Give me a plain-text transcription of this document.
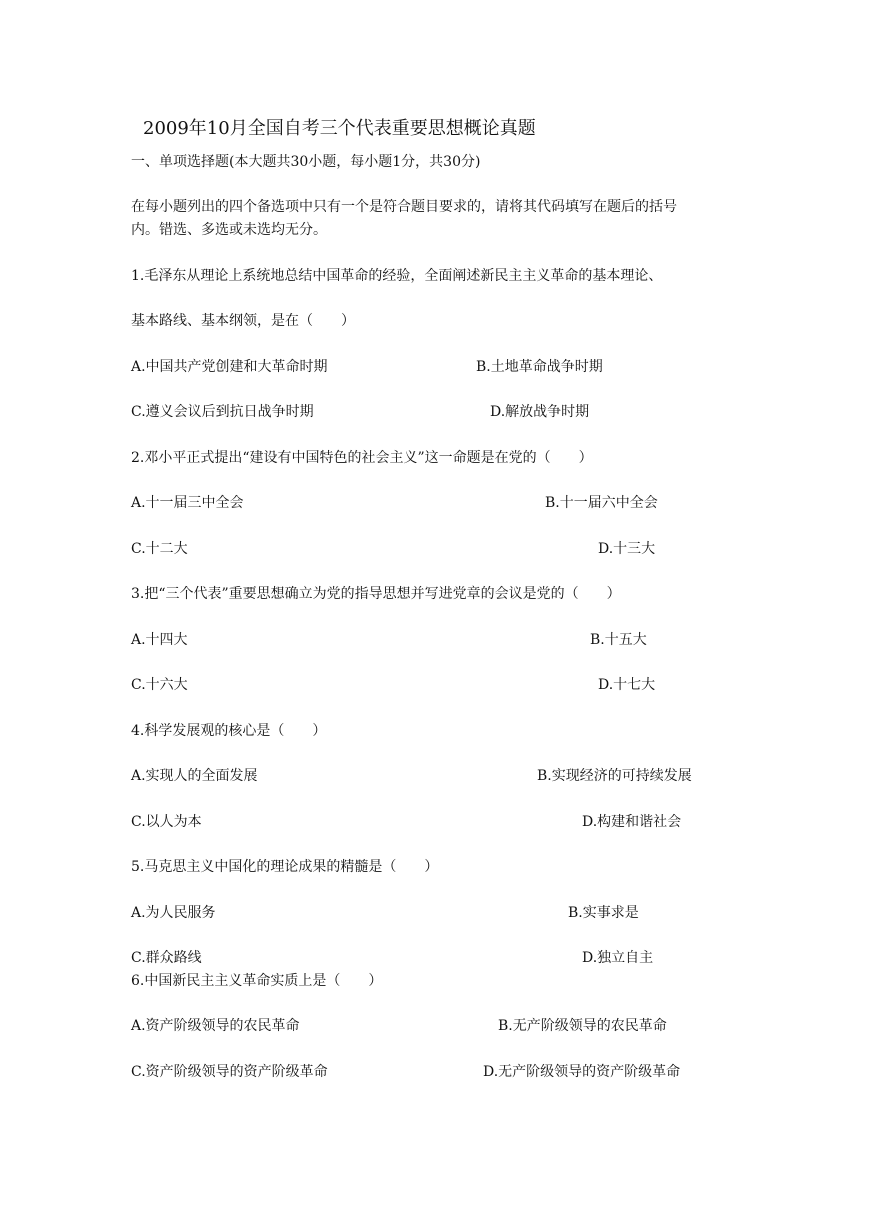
2009年10月全国自考三个代表重要思想概论真题
一、单项选择题(本大题共30小题，每小题1分，共30分)
在每小题列出的四个备选项中只有一个是符合题目要求的，请将其代码填写在题后的括号
内。错选、多选或未选均无分。
1.毛泽东从理论上系统地总结中国革命的经验，全面阐述新民主主义革命的基本理论、
基本路线、基本纲领，是在（　　）
A.中国共产党创建和大革命时期	B.土地革命战争时期
C.遵义会议后到抗日战争时期	D.解放战争时期
2.邓小平正式提出“建设有中国特色的社会主义”这一命题是在党的（　　）
A.十一届三中全会	B.十一届六中全会
C.十二大	D.十三大
3.把“三个代表”重要思想确立为党的指导思想并写进党章的会议是党的（　　）
A.十四大	B.十五大
C.十六大	D.十七大
4.科学发展观的核心是（　　）
A.实现人的全面发展	B.实现经济的可持续发展
C.以人为本	D.构建和谐社会
5.马克思主义中国化的理论成果的精髓是（　　）
A.为人民服务	B.实事求是
C.群众路线	D.独立自主
6.中国新民主主义革命实质上是（　　）
A.资产阶级领导的农民革命	B.无产阶级领导的农民革命
C.资产阶级领导的资产阶级革命	D.无产阶级领导的资产阶级革命
